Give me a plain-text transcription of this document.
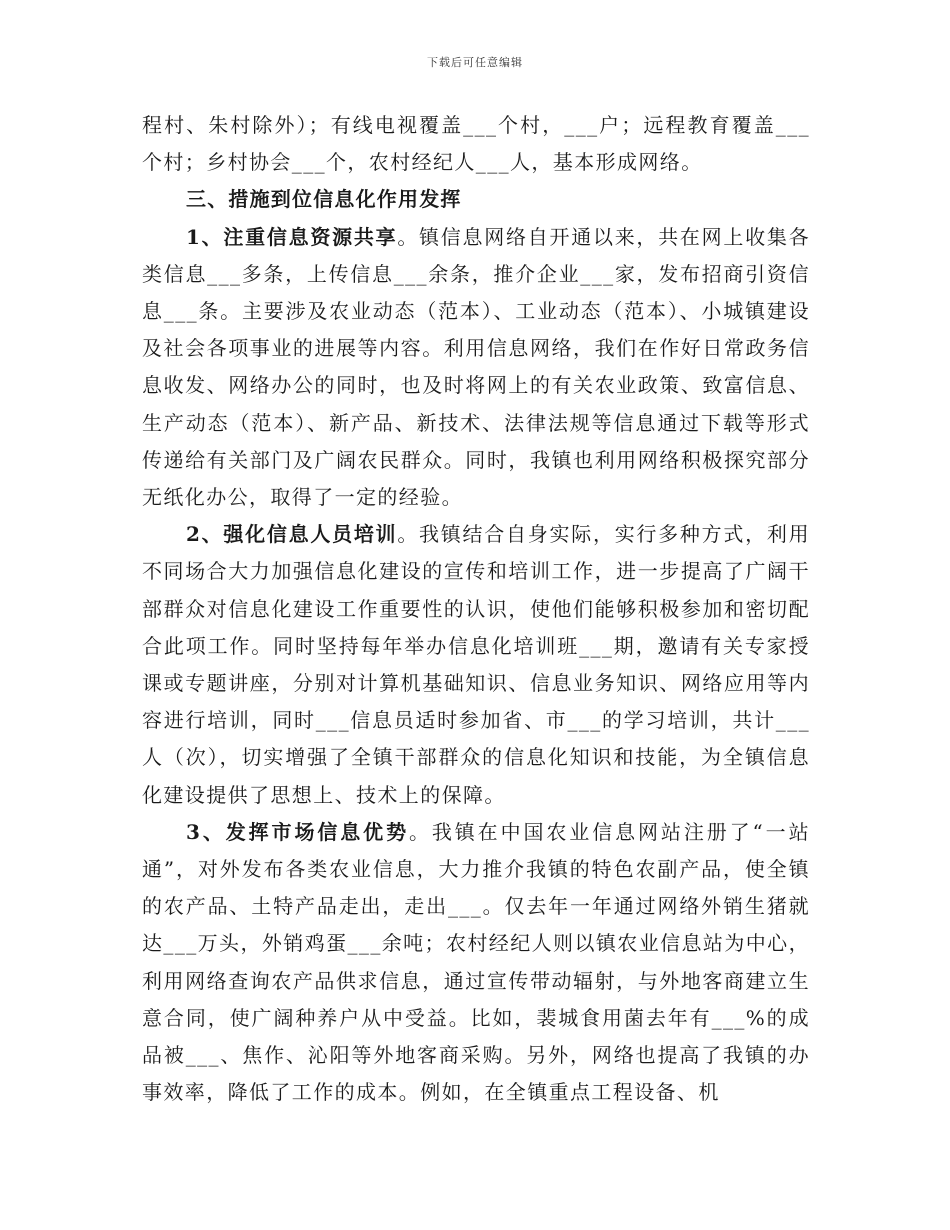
下载后可任意编辑

程村、朱村除外）；有线电视覆盖___个村，___户；远程教育覆盖___个村；乡村协会___个，农村经纪人___人，基本形成网络。

三、措施到位信息化作用发挥

1、注重信息资源共享。镇信息网络自开通以来，共在网上收集各类信息___多条，上传信息___余条，推介企业___家，发布招商引资信息___条。主要涉及农业动态（范本）、工业动态（范本）、小城镇建设及社会各项事业的进展等内容。利用信息网络，我们在作好日常政务信息收发、网络办公的同时，也及时将网上的有关农业政策、致富信息、生产动态（范本）、新产品、新技术、法律法规等信息通过下载等形式传递给有关部门及广阔农民群众。同时，我镇也利用网络积极探究部分无纸化办公，取得了一定的经验。

2、强化信息人员培训。我镇结合自身实际，实行多种方式，利用不同场合大力加强信息化建设的宣传和培训工作，进一步提高了广阔干部群众对信息化建设工作重要性的认识，使他们能够积极参加和密切配合此项工作。同时坚持每年举办信息化培训班___期，邀请有关专家授课或专题讲座，分别对计算机基础知识、信息业务知识、网络应用等内容进行培训，同时___信息员适时参加省、市___的学习培训，共计___人（次），切实增强了全镇干部群众的信息化知识和技能，为全镇信息化建设提供了思想上、技术上的保障。

3、发挥市场信息优势。我镇在中国农业信息网站注册了“一站通”，对外发布各类农业信息，大力推介我镇的特色农副产品，使全镇的农产品、土特产品走出，走出___。仅去年一年通过网络外销生猪就达___万头，外销鸡蛋___余吨；农村经纪人则以镇农业信息站为中心，利用网络查询农产品供求信息，通过宣传带动辐射，与外地客商建立生意合同，使广阔种养户从中受益。比如，裴城食用菌去年有___%的成品被___、焦作、沁阳等外地客商采购。另外，网络也提高了我镇的办事效率，降低了工作的成本。例如，在全镇重点工程设备、机
